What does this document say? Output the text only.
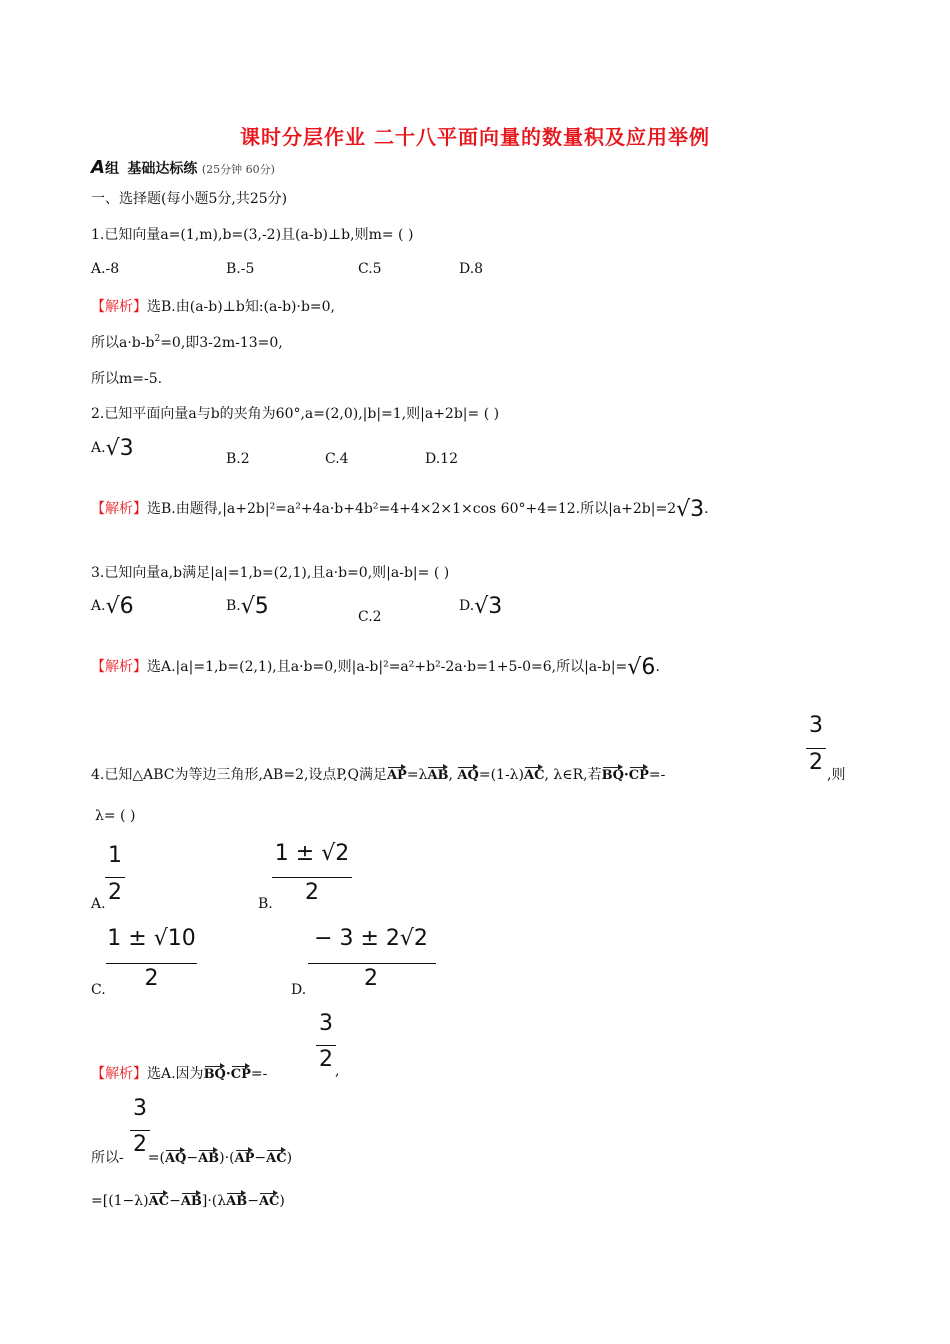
课时分层作业 二十八平面向量的数量积及应用举例
A组 基础达标练 (25分钟 60分)
一、选择题(每小题5分,共25分)
1.已知向量a=(1,m),b=(3,-2)且(a-b)⊥b,则m= ( )
A.-8	B.-5	C.5	D.8
【解析】选B.由(a-b)⊥b知:(a-b)·b=0,
所以$a\cdot b-b^2=0$,即3-2m-13=0,
所以m=-5.
2.已知平面向量a与b的夹角为60°,a=(2,0),|b|=1,则|a+2b|= ( )
A.√3	B.2	C.4	D.12
【解析】选B.由题得,|a+2b|²=a²+4a·b+4b²=4+4×2×1×cos 60°+4=12.所以|a+2b|=2√3.
3.已知向量a,b满足|a|=1,b=(2,1),且a·b=0,则|a-b|= ( )
A.√6	B.√5	C.2
D.√3
【解析】选A.|a|=1,b=(2,1),且a·b=0,则|a-b|²=a²+b²-2a·b=1+5-0=6,所以|a-b|=√6.
3
2
4.已知△ABC为等边三角形,AB=2,设点P,Q满足AP=λAB, AQ=(1-λ)AC, λ∈R,若BQ·CP=-	,则
λ= ( )
1
2
A.
1 ± √2
2
B.
1 ± √10
2
C.
− 3 ± 2√2
2
D.
3
2
【解析】选A.因为BQ·CP=-	,
3
2
所以- =(AQ−AB)·(AP−AC)
=[(1−λ)AC−AB]·(λAB−AC)
